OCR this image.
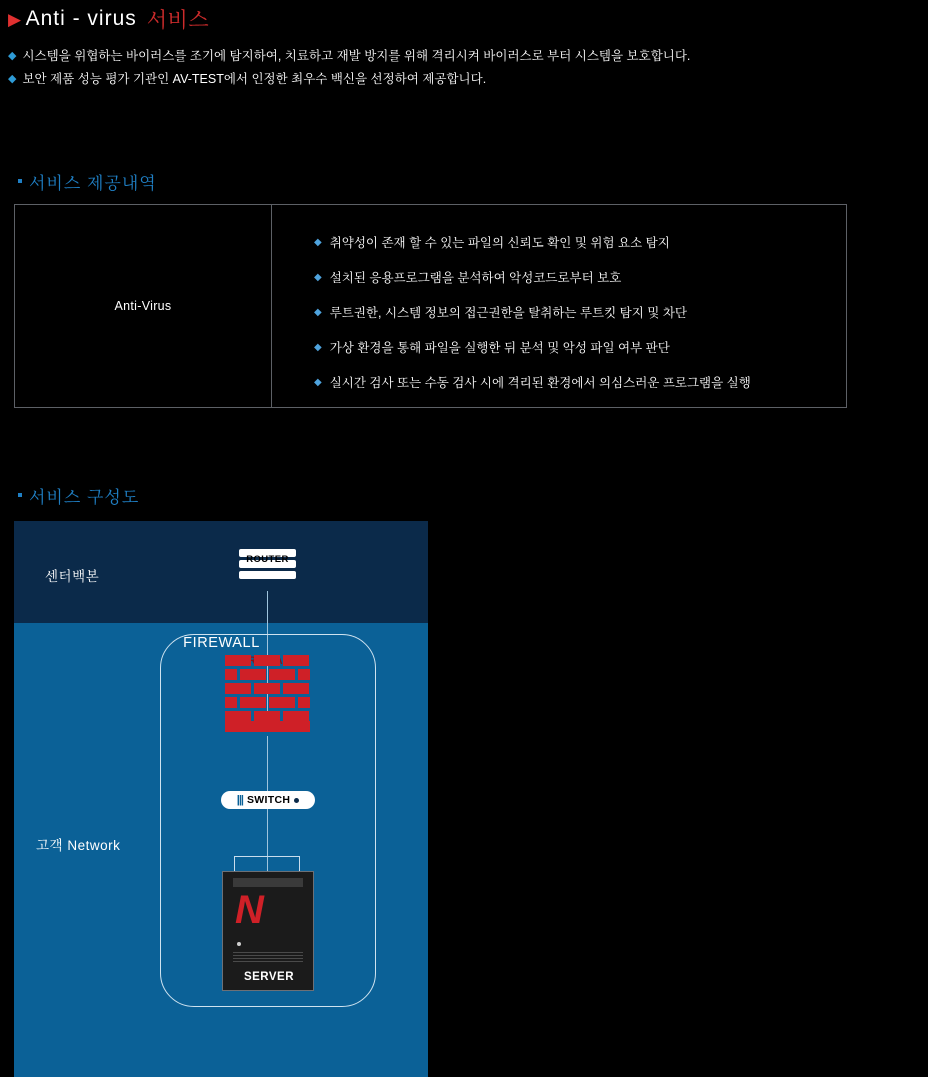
▶ Anti - virus 서비스
◆ 시스템을 위협하는 바이러스를 조기에 탐지하여, 치료하고 재발 방지를 위해 격리시켜 바이러스로 부터 시스템을 보호합니다.
◆ 보안 제품 성능 평가 기관인 AV-TEST에서 인정한 최우수 백신을 선정하여 제공합니다.
서비스 제공내역
Anti-Virus
◆ 취약성이 존재 할 수 있는 파일의 신뢰도 확인 및 위험 요소 탐지
◆ 설치된 응용프로그램을 분석하여 악성코드로부터 보호
◆ 루트권한, 시스템 정보의 접근권한을 탈취하는 루트킷 탐지 및 차단
◆ 가상 환경을 통해 파일을 실행한 뒤 분석 및 악성 파일 여부 판단
◆ 실시간 검사 또는 수동 검사 시에 격리된 환경에서 의심스러운 프로그램을 실행
서비스 구성도
센터백본
고객 Network
ROUTER
FIREWALL
||| SWITCH
N
SERVER
